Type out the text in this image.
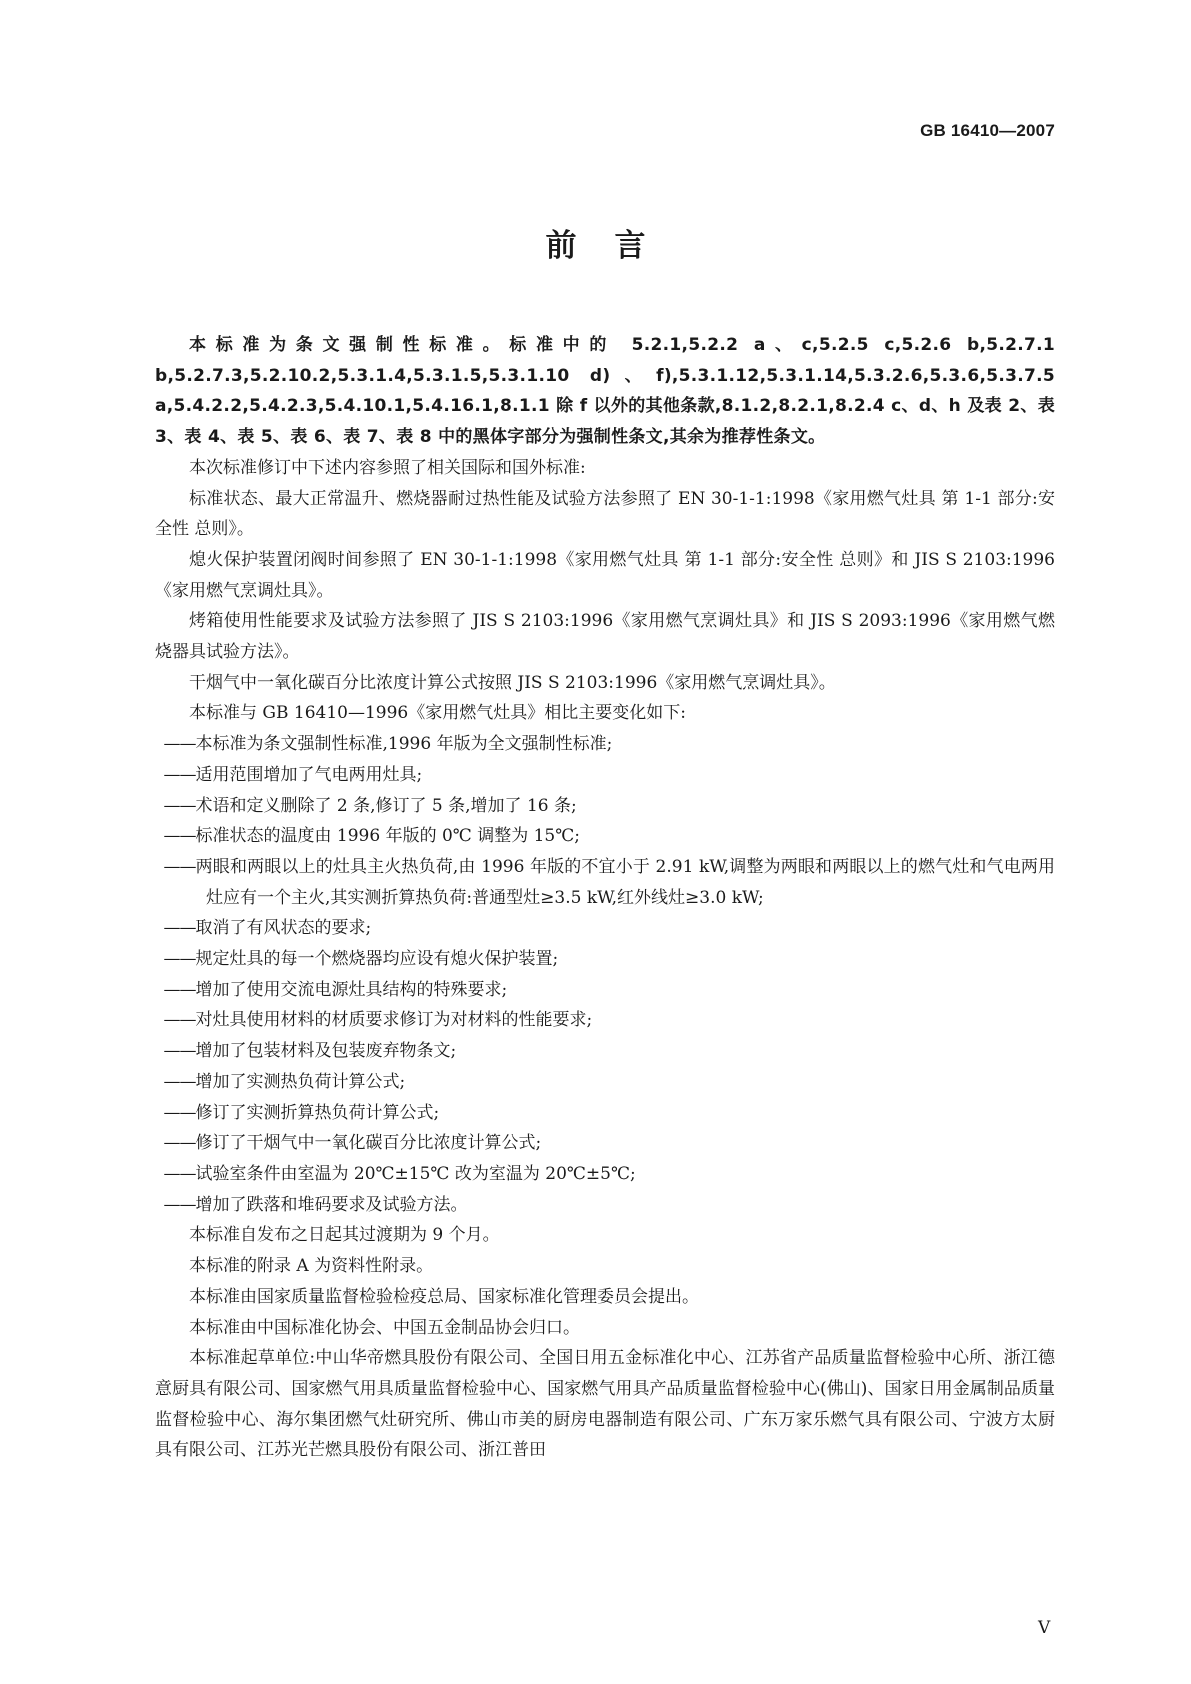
GB 16410—2007
前言

本标准为条文强制性标准。标准中的 5.2.1,5.2.2 a、c,5.2.5 c,5.2.6 b,5.2.7.1 b,5.2.7.3,5.2.10.2,5.3.1.4,5.3.1.5,5.3.1.10 d)、f),5.3.1.12,5.3.1.14,5.3.2.6,5.3.6,5.3.7.5 a,5.4.2.2,5.4.2.3,5.4.10.1,5.4.16.1,8.1.1 除 f 以外的其他条款,8.1.2,8.2.1,8.2.4 c、d、h 及表 2、表 3、表 4、表 5、表 6、表 7、表 8 中的黑体字部分为强制性条文,其余为推荐性条文。

本次标准修订中下述内容参照了相关国际和国外标准:

标准状态、最大正常温升、燃烧器耐过热性能及试验方法参照了 EN 30-1-1:1998《家用燃气灶具 第 1-1 部分:安全性 总则》。

熄火保护装置闭阀时间参照了 EN 30-1-1:1998《家用燃气灶具 第 1-1 部分:安全性 总则》和 JIS S 2103:1996《家用燃气烹调灶具》。

烤箱使用性能要求及试验方法参照了 JIS S 2103:1996《家用燃气烹调灶具》和 JIS S 2093:1996《家用燃气燃烧器具试验方法》。

干烟气中一氧化碳百分比浓度计算公式按照 JIS S 2103:1996《家用燃气烹调灶具》。

本标准与 GB 16410—1996《家用燃气灶具》相比主要变化如下:

—— 本标准为条文强制性标准,1996 年版为全文强制性标准;
—— 适用范围增加了气电两用灶具;
—— 术语和定义删除了 2 条,修订了 5 条,增加了 16 条;
—— 标准状态的温度由 1996 年版的 0℃ 调整为 15℃;
—— 两眼和两眼以上的灶具主火热负荷,由 1996 年版的不宜小于 2.91 kW,调整为两眼和两眼以上的燃气灶和气电两用灶应有一个主火,其实测折算热负荷:普通型灶≥3.5 kW,红外线灶≥3.0 kW;
—— 取消了有风状态的要求;
—— 规定灶具的每一个燃烧器均应设有熄火保护装置;
—— 增加了使用交流电源灶具结构的特殊要求;
—— 对灶具使用材料的材质要求修订为对材料的性能要求;
—— 增加了包装材料及包装废弃物条文;
—— 增加了实测热负荷计算公式;
—— 修订了实测折算热负荷计算公式;
—— 修订了干烟气中一氧化碳百分比浓度计算公式;
—— 试验室条件由室温为 20℃±15℃ 改为室温为 20℃±5℃;
—— 增加了跌落和堆码要求及试验方法。

本标准自发布之日起其过渡期为 9 个月。

本标准的附录 A 为资料性附录。

本标准由国家质量监督检验检疫总局、国家标准化管理委员会提出。

本标准由中国标准化协会、中国五金制品协会归口。

本标准起草单位:中山华帝燃具股份有限公司、全国日用五金标准化中心、江苏省产品质量监督检验中心所、浙江德意厨具有限公司、国家燃气用具质量监督检验中心、国家燃气用具产品质量监督检验中心(佛山)、国家日用金属制品质量监督检验中心、海尔集团燃气灶研究所、佛山市美的厨房电器制造有限公司、广东万家乐燃气具有限公司、宁波方太厨具有限公司、江苏光芒燃具股份有限公司、浙江普田

V
